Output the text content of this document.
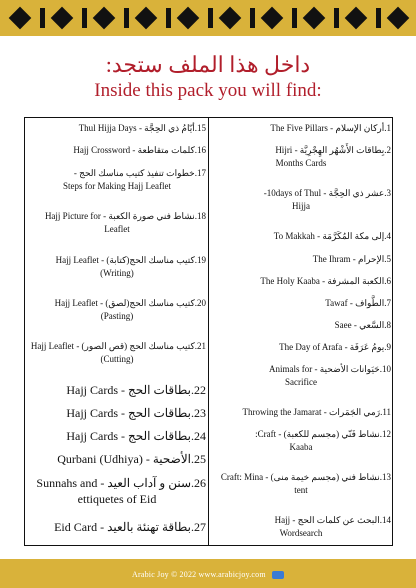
داخل هذا الملف ستجد:
Inside this pack you will find:
15.أيّامُ ذي الحِجَّة - Thul Hijja Days
16.كلمات متقاطعة - Hajj Crossword
17.خطوات تنفيذ كتيب مناسك الحج -
Steps for Making Hajj Leaflet
18.نشاط فني صورة الكعبة - Hajj Picture for
Leaflet
19.كتيب مناسك الحج(كتابة) - Hajj Leaflet
(Writing)
20.كتيب مناسك الحج(لصق) - Hajj Leaflet
(Pasting)
21.كتيب مناسك الحج (قص الصور) - Hajj Leaflet
(Cutting)
22.بطاقات الحج - Hajj Cards
23.بطاقات الحج - Hajj Cards
24.بطاقات الحج - Hajj Cards
25.الأضحية - Qurbani (Udhiya)
26.سنن و آداب العيد - Sunnahs and
ettiquetes of Eid
27.بطاقة تهنئة بالعيد - Eid Card
1.أركان الإسلام - The Five Pillars
2.بِطاقات الأَشْهُر الهِجْرِيَّة - Hijri
Months Cards
3.عشر ذي الحِجَّة - 10days of Thul-
Hijja
4.إلى مكة المُكَرَّمَة - To Makkah
5.الإحرام - The Ihram
6.الكعبة المشرفة - The Holy Kaaba
7.الطَّواف - Tawaf
8.السَّعي - Saee
9.يومُ عَرَفَة - The Day of Arafa
10.حَيَوانات الأضحية - Animals for
Sacrifice
11.رَمي الجَمَرات - Throwing the Jamarat
12.نشاط فَنّي (مجسم للكعبة) - Craft:
Kaaba
13.نشاط فني (مجسم خيمة منى) - Craft: Mina
tent
14.البحث عن كلمات الحج - Hajj
Wordsearch
Arabic Joy © 2022 www.arabicjoy.com
